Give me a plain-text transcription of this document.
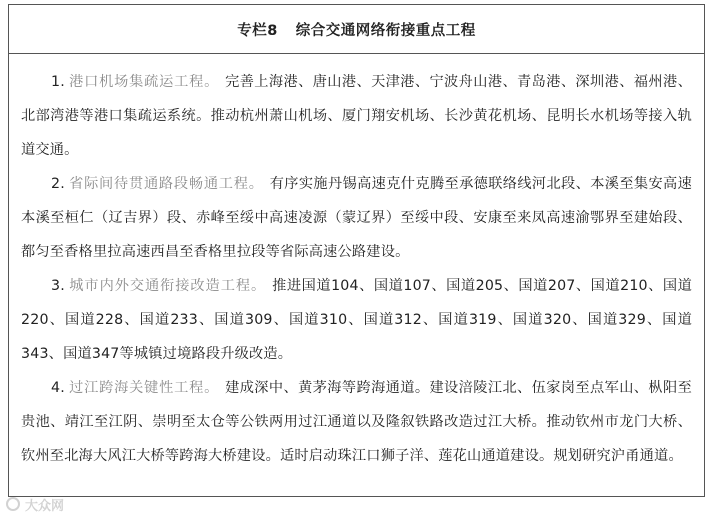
专栏8 综合交通网络衔接重点工程

1. 港口机场集疏运工程。 完善上海港、唐山港、天津港、宁波舟山港、青岛港、深圳港、福州港、北部湾港等港口集疏运系统。推动杭州萧山机场、厦门翔安机场、长沙黄花机场、昆明长水机场等接入轨道交通。

2. 省际间待贯通路段畅通工程。 有序实施丹锡高速克什克腾至承德联络线河北段、本溪至集安高速本溪至桓仁（辽吉界）段、赤峰至绥中高速凌源（蒙辽界）至绥中段、安康至来凤高速渝鄂界至建始段、都匀至香格里拉高速西昌至香格里拉段等省际高速公路建设。

3. 城市内外交通衔接改造工程。 推进国道104、国道107、国道205、国道207、国道210、国道220、国道228、国道233、国道309、国道310、国道312、国道319、国道320、国道329、国道343、国道347等城镇过境路段升级改造。

4. 过江跨海关键性工程。 建成深中、黄茅海等跨海通道。建设涪陵江北、伍家岗至点军山、枞阳至贵池、靖江至江阴、崇明至太仓等公铁两用过江通道以及隆叙铁路改造过江大桥。推动钦州市龙门大桥、钦州至北海大风江大桥等跨海大桥建设。适时启动珠江口狮子洋、莲花山通道建设。规划研究沪甬通道。

大众网
